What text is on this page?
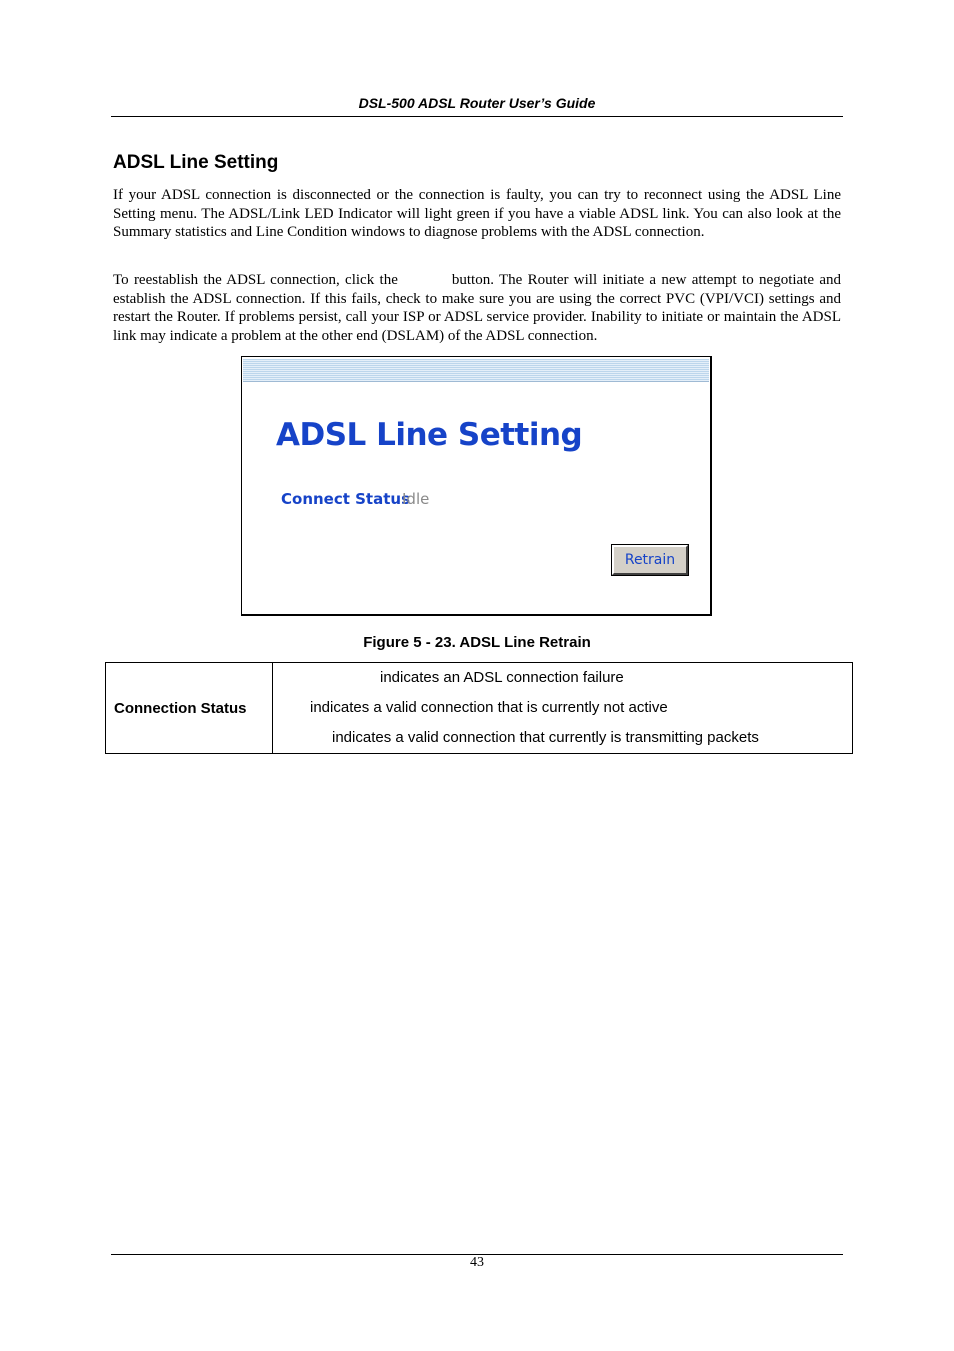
DSL-500 ADSL Router User’s Guide
ADSL Line Setting

If your ADSL connection is disconnected or the connection is faulty, you can try to reconnect using the ADSL Line Setting menu. The ADSL/Link LED Indicator will light green if you have a viable ADSL link. You can also look at the Summary statistics and Line Condition windows to diagnose problems with the ADSL connection.

To reestablish the ADSL connection, click the	button. The Router will initiate a new attempt to negotiate and establish the ADSL connection. If this fails, check to make sure you are using the correct PVC (VPI/VCI) settings and restart the Router. If problems persist, call your ISP or ADSL service provider. Inability to initiate or maintain the ADSL link may indicate a problem at the other end (DSLAM) of the ADSL connection.

ADSL Line Setting
Connect Status
Idle
Retrain
Figure 5 - 23. ADSL Line Retrain
Connection Status	
indicates an ADSL connection failure
indicates a valid connection that is currently not active
indicates a valid connection that currently is transmitting packets
43
